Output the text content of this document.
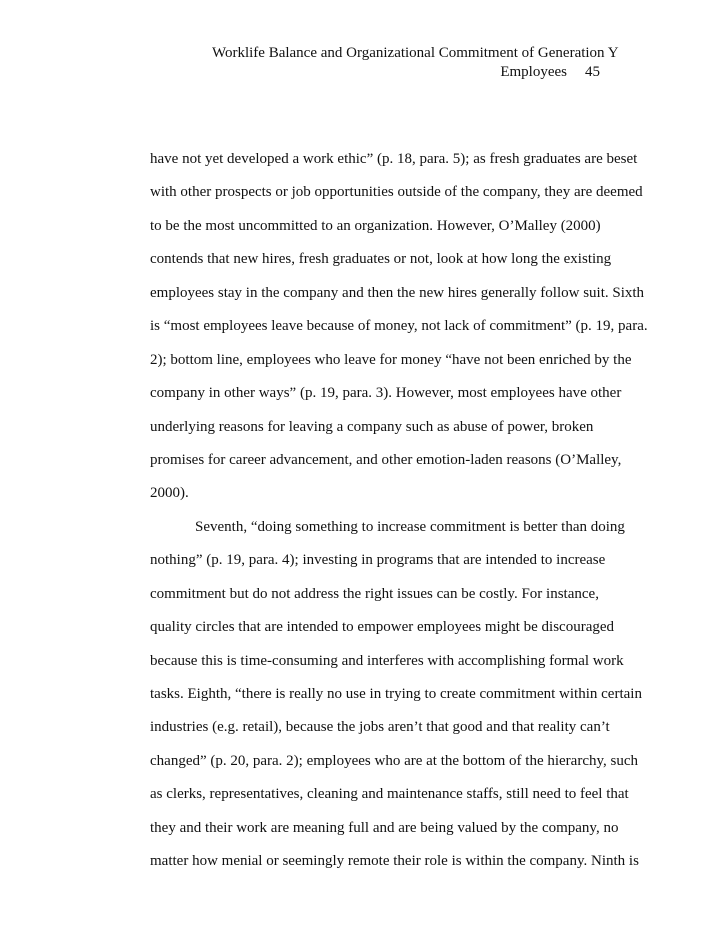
Worklife Balance and Organizational Commitment of Generation Y
Employees 45
have not yet developed a work ethic” (p. 18, para. 5); as fresh graduates are beset
with other prospects or job opportunities outside of the company, they are deemed
to be the most uncommitted to an organization. However, O’Malley (2000)
contends that new hires, fresh graduates or not, look at how long the existing
employees stay in the company and then the new hires generally follow suit. Sixth
is “most employees leave because of money, not lack of commitment” (p. 19, para.
2); bottom line, employees who leave for money “have not been enriched by the
company in other ways” (p. 19, para. 3). However, most employees have other
underlying reasons for leaving a company such as abuse of power, broken
promises for career advancement, and other emotion-laden reasons (O’Malley,
2000).
Seventh, “doing something to increase commitment is better than doing
nothing” (p. 19, para. 4); investing in programs that are intended to increase
commitment but do not address the right issues can be costly. For instance,
quality circles that are intended to empower employees might be discouraged
because this is time-consuming and interferes with accomplishing formal work
tasks. Eighth, “there is really no use in trying to create commitment within certain
industries (e.g. retail), because the jobs aren’t that good and that reality can’t
changed” (p. 20, para. 2); employees who are at the bottom of the hierarchy, such
as clerks, representatives, cleaning and maintenance staffs, still need to feel that
they and their work are meaning full and are being valued by the company, no
matter how menial or seemingly remote their role is within the company. Ninth is
